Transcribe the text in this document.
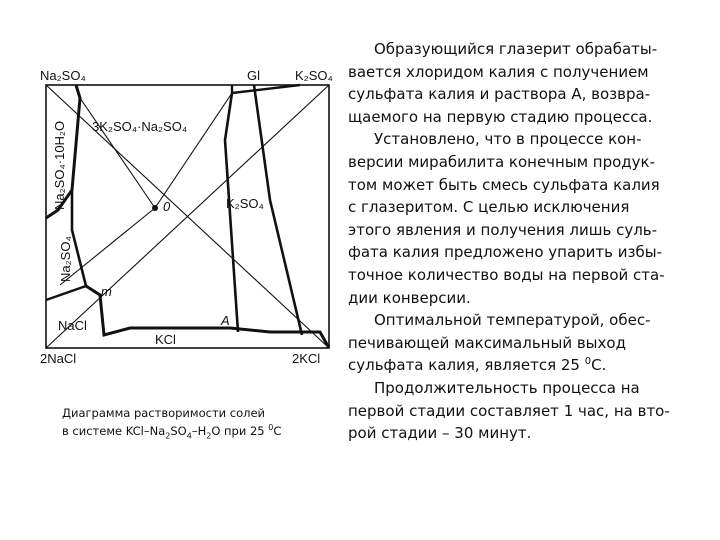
Na₂SO₄	Gl	K₂SO₄
3K₂SO₄·Na₂SO₄
0	K₂SO₄
Na₂SO₄·10H₂O
Na₂SO₄
m
A
NaCl
KCl
2NaCl	2KCl
Диаграмма растворимости солей
в системе KCl–$Na_2SO_4-H_2O$ при 25 $^0$C

Образующийся глазерит обрабаты-
вается хлоридом калия с получением
сульфата калия и раствора А, возвра-
щаемого на первую стадию процесса.

Установлено, что в процессе кон-
версии мирабилита конечным продук-
том может быть смесь сульфата калия
с глазеритом. С целью исключения
этого явления и получения лишь суль-
фата калия предложено упарить избы-
точное количество воды на первой ста-
дии конверсии.

Оптимальной температурой, обес-
печивающей максимальный выход
сульфата калия, является 25 $^0$С.

Продолжительность процесса на
первой стадии составляет 1 час, на вто-
рой стадии – 30 минут.
